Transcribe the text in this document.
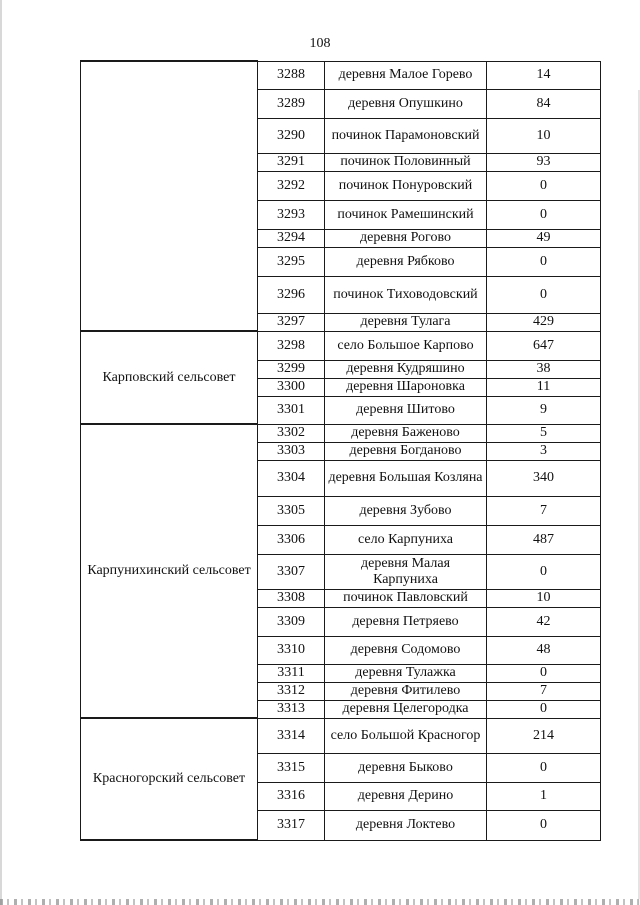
108
	3288	деревня Малое Горево	14
	3289	деревня Опушкино	84
	3290	починок Парамоновский	10
	3291	починок Половинный	93
	3292	починок Понуровский	0
	3293	починок Рамешинский	0
	3294	деревня Рогово	49
	3295	деревня Рябково	0
	3296	починок Тиховодовский	0
	3297	деревня Тулага	429
Карповский сельсовет	3298	село Большое Карпово	647
	3299	деревня Кудряшино	38
	3300	деревня Шароновка	11
	3301	деревня Шитово	9
Карпунихинский сельсовет	3302	деревня Баженово	5
	3303	деревня Богданово	3
	3304	деревня Большая Козляна	340
	3305	деревня Зубово	7
	3306	село Карпуниха	487
	3307	деревня Малая Карпуниха	0
	3308	починок Павловский	10
	3309	деревня Петряево	42
	3310	деревня Содомово	48
	3311	деревня Тулажка	0
	3312	деревня Фитилево	7
	3313	деревня Целегородка	0
Красногорский сельсовет	3314	село Большой Красногор	214
	3315	деревня Быково	0
	3316	деревня Дерино	1
	3317	деревня Локтево	0
